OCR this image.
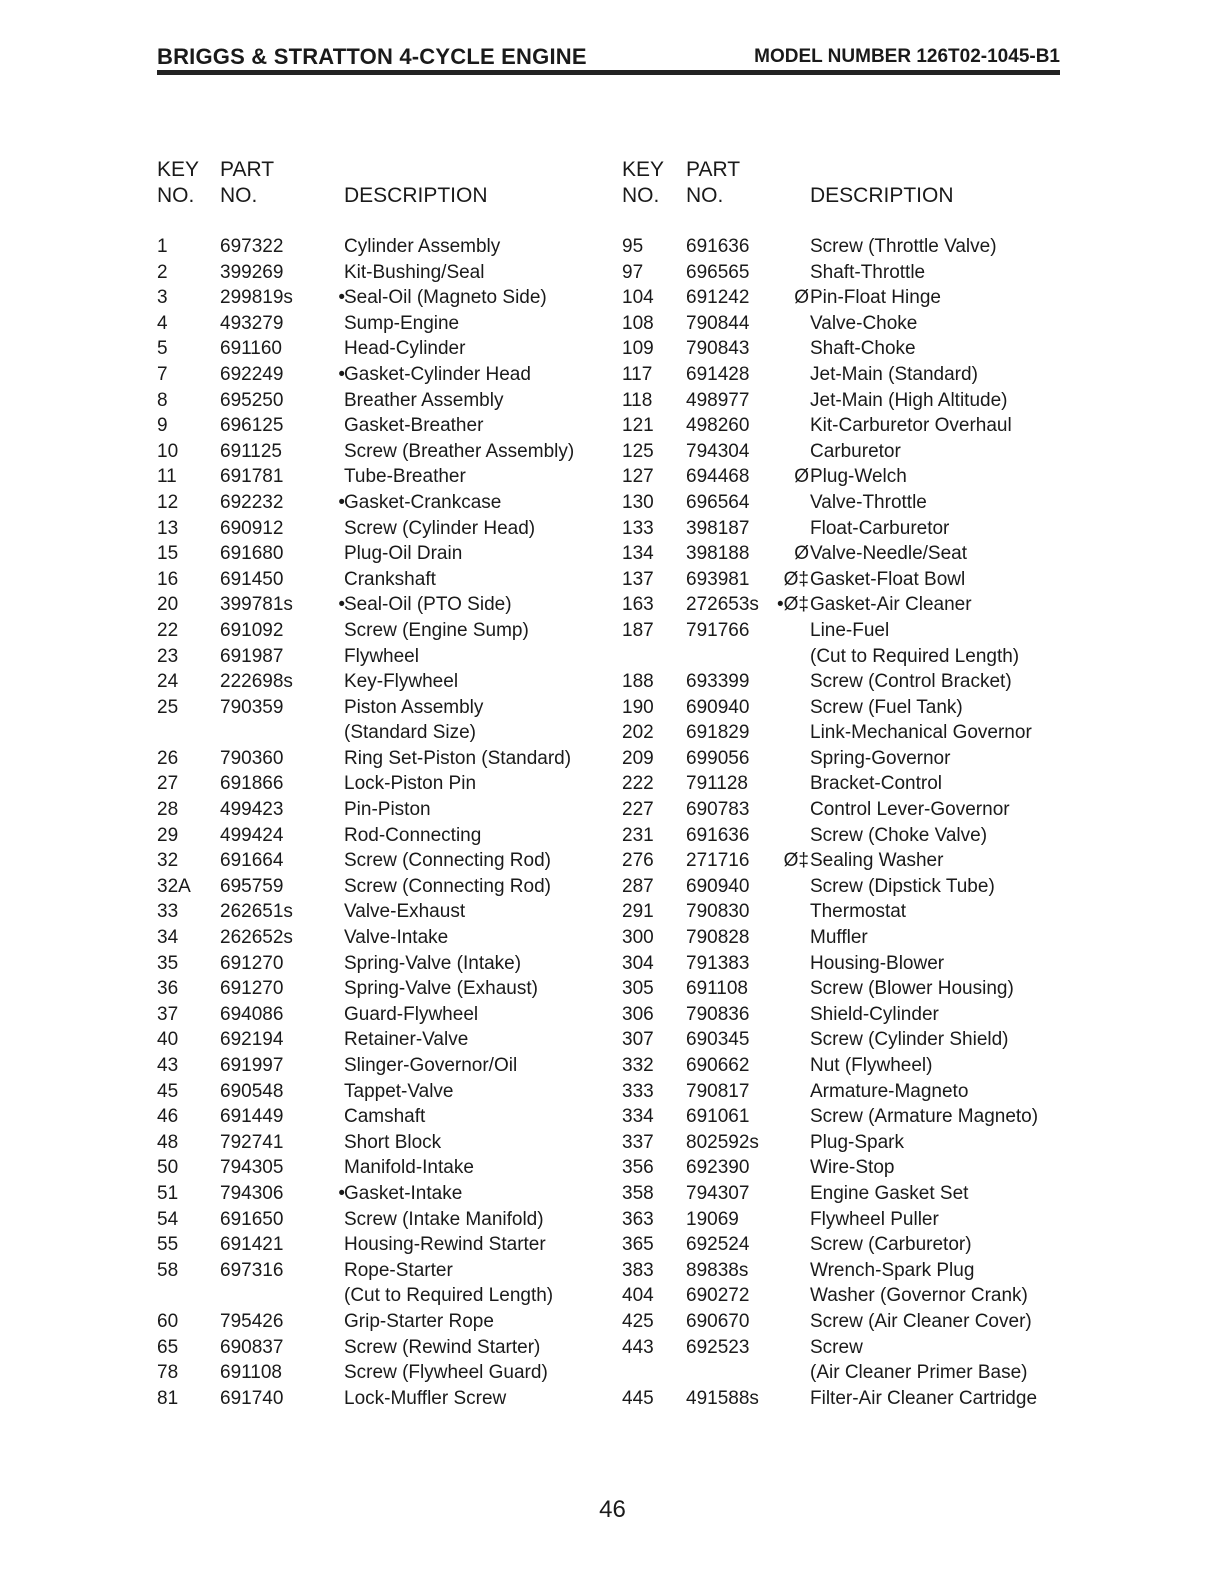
BRIGGS & STRATTON 4-CYCLE ENGINE	MODEL NUMBER 126T02-1045-B1
KEY
NO.
PART
NO.	DESCRIPTION
1	697322	Cylinder Assembly
2	399269	Kit-Bushing/Seal
3	299819s • Seal-Oil (Magneto Side)
4	493279	Sump-Engine
5	691160	Head-Cylinder
7	692249	• Gasket-Cylinder Head
8	695250	Breather Assembly
9	696125	Gasket-Breather
10 691125	Screw (Breather Assembly)
11 691781	Tube-Breather
12 692232	• Gasket-Crankcase
13 690912	Screw (Cylinder Head)
15 691680	Plug-Oil Drain
16 691450	Crankshaft
20 399781s • Seal-Oil (PTO Side)
22 691092	Screw (Engine Sump)
23 691987	Flywheel
24 222698s	Key-Flywheel
25 790359	Piston Assembly
(Standard Size)
26 790360	Ring Set-Piston (Standard)
27 691866	Lock-Piston Pin
28 499423	Pin-Piston
29 499424	Rod-Connecting
32 691664	Screw (Connecting Rod)
32A 695759	Screw (Connecting Rod)
33 262651s	Valve-Exhaust
34 262652s	Valve-Intake
35 691270	Spring-Valve (Intake)
36 691270	Spring-Valve (Exhaust)
37 694086	Guard-Flywheel
40 692194	Retainer-Valve
43 691997	Slinger-Governor/Oil
45 690548	Tappet-Valve
46 691449	Camshaft
48 792741	Short Block
50 794305	Manifold-Intake
51 794306	• Gasket-Intake
54 691650	Screw (Intake Manifold)
55 691421	Housing-Rewind Starter
58 697316	Rope-Starter
(Cut to Required Length)
60 795426	Grip-Starter Rope
65 690837	Screw (Rewind Starter)
78 691108	Screw (Flywheel Guard)
81 691740	Lock-Muffler Screw
KEY
NO.
PART
NO.	DESCRIPTION
95 691636	Screw (Throttle Valve)
97 696565	Shaft-Throttle
104 691242	Ø Pin-Float Hinge
108 790844	Valve-Choke
109 790843	Shaft-Choke
117 691428	Jet-Main (Standard)
118 498977	Jet-Main (High Altitude)
121 498260	Kit-Carburetor Overhaul
125 794304	Carburetor
127 694468	Ø Plug-Welch
130 696564	Valve-Throttle
133 398187	Float-Carburetor
134 398188	Ø Valve-Needle/Seat
137 693981	Ø‡ Gasket-Float Bowl
163 272653s •Ø‡ Gasket-Air Cleaner
187 791766	Line-Fuel
(Cut to Required Length)
188 693399	Screw (Control Bracket)
190 690940	Screw (Fuel Tank)
202 691829	Link-Mechanical Governor
209 699056	Spring-Governor
222 791128	Bracket-Control
227 690783	Control Lever-Governor
231 691636	Screw (Choke Valve)
276 271716	Ø‡ Sealing Washer
287 690940	Screw (Dipstick Tube)
291 790830	Thermostat
300 790828	Muffler
304 791383	Housing-Blower
305 691108	Screw (Blower Housing)
306 790836	Shield-Cylinder
307 690345	Screw (Cylinder Shield)
332 690662	Nut (Flywheel)
333 790817	Armature-Magneto
334 691061	Screw (Armature Magneto)
337 802592s	Plug-Spark
356 692390	Wire-Stop
358 794307	Engine Gasket Set
363 19069	Flywheel Puller
365 692524	Screw (Carburetor)
383 89838s	Wrench-Spark Plug
404 690272	Washer (Governor Crank)
425 690670	Screw (Air Cleaner Cover)
443 692523	Screw
(Air Cleaner Primer Base)
445 491588s	Filter-Air Cleaner Cartridge
46
